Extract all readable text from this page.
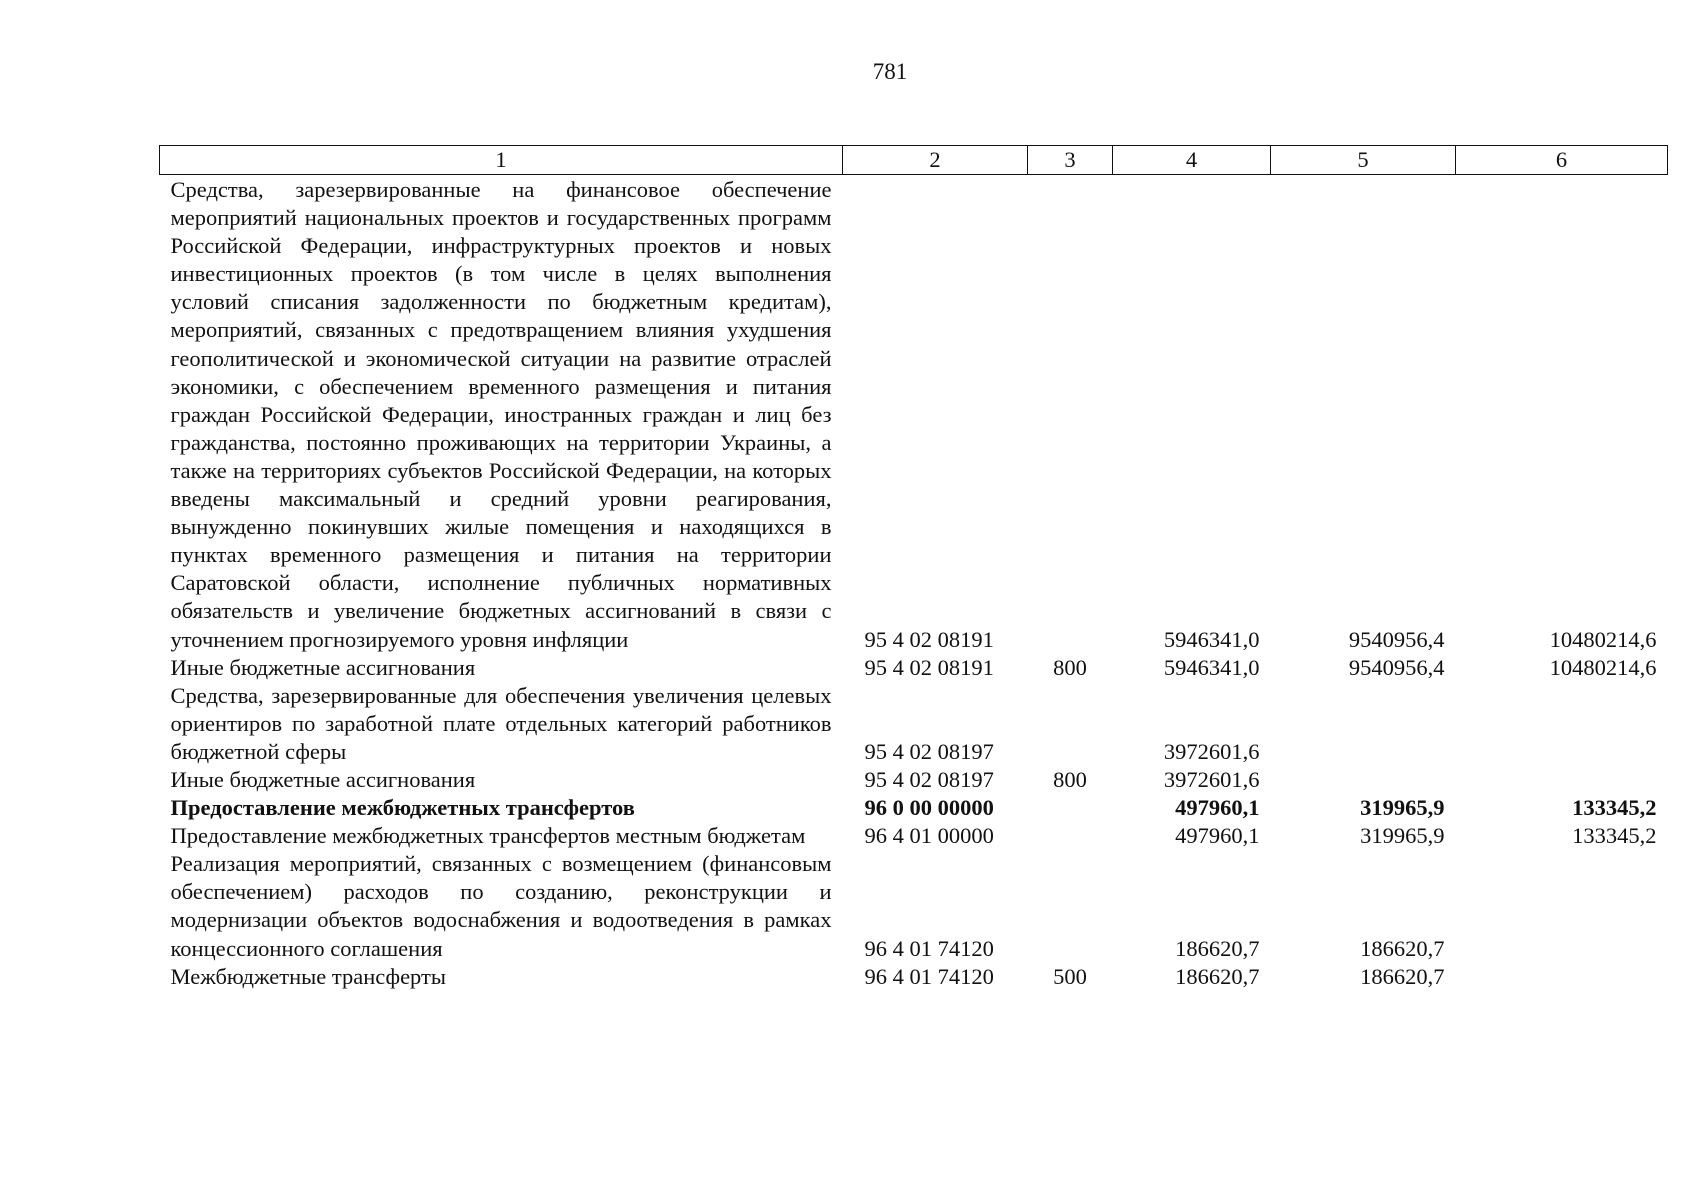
781
1	2	3	4	5	6
Средства, зарезервированные на финансовое обеспечение мероприятий национальных проектов и государственных программ Российской Федерации, инфраструктурных проектов и новых инвестиционных проектов (в том числе в целях выполнения условий списания задолженности по бюджетным кредитам), мероприятий, связанных с предотвращением влияния ухудшения геополитической и экономической ситуации на развитие отраслей экономики, с обеспечением временного размещения и питания граждан Российской Федерации, иностранных граждан и лиц без гражданства, постоянно проживающих на территории Украины, а также на территориях субъектов Российской Федерации, на которых введены максимальный и средний уровни реагирования, вынужденно покинувших жилые помещения и находящихся в пунктах временного размещения и питания на территории Саратовской области, исполнение публичных нормативных обязательств и увеличение бюджетных ассигнований в связи с уточнением прогнозируемого уровня инфляции	95 4 02 08191		5946341,0	9540956,4	10480214,6
Иные бюджетные ассигнования	95 4 02 08191	800	5946341,0	9540956,4	10480214,6
Средства, зарезервированные для обеспечения увеличения целевых ориентиров по заработной плате отдельных категорий работников бюджетной сферы	95 4 02 08197		3972601,6		
Иные бюджетные ассигнования	95 4 02 08197	800	3972601,6		
Предоставление межбюджетных трансфертов	96 0 00 00000		497960,1	319965,9	133345,2
Предоставление межбюджетных трансфертов местным бюджетам	96 4 01 00000		497960,1	319965,9	133345,2
Реализация мероприятий, связанных с возмещением (финансовым обеспечением) расходов по созданию, реконструкции и модернизации объектов водоснабжения и водоотведения в рамках концессионного соглашения	96 4 01 74120		186620,7	186620,7	
Межбюджетные трансферты	96 4 01 74120	500	186620,7	186620,7	
